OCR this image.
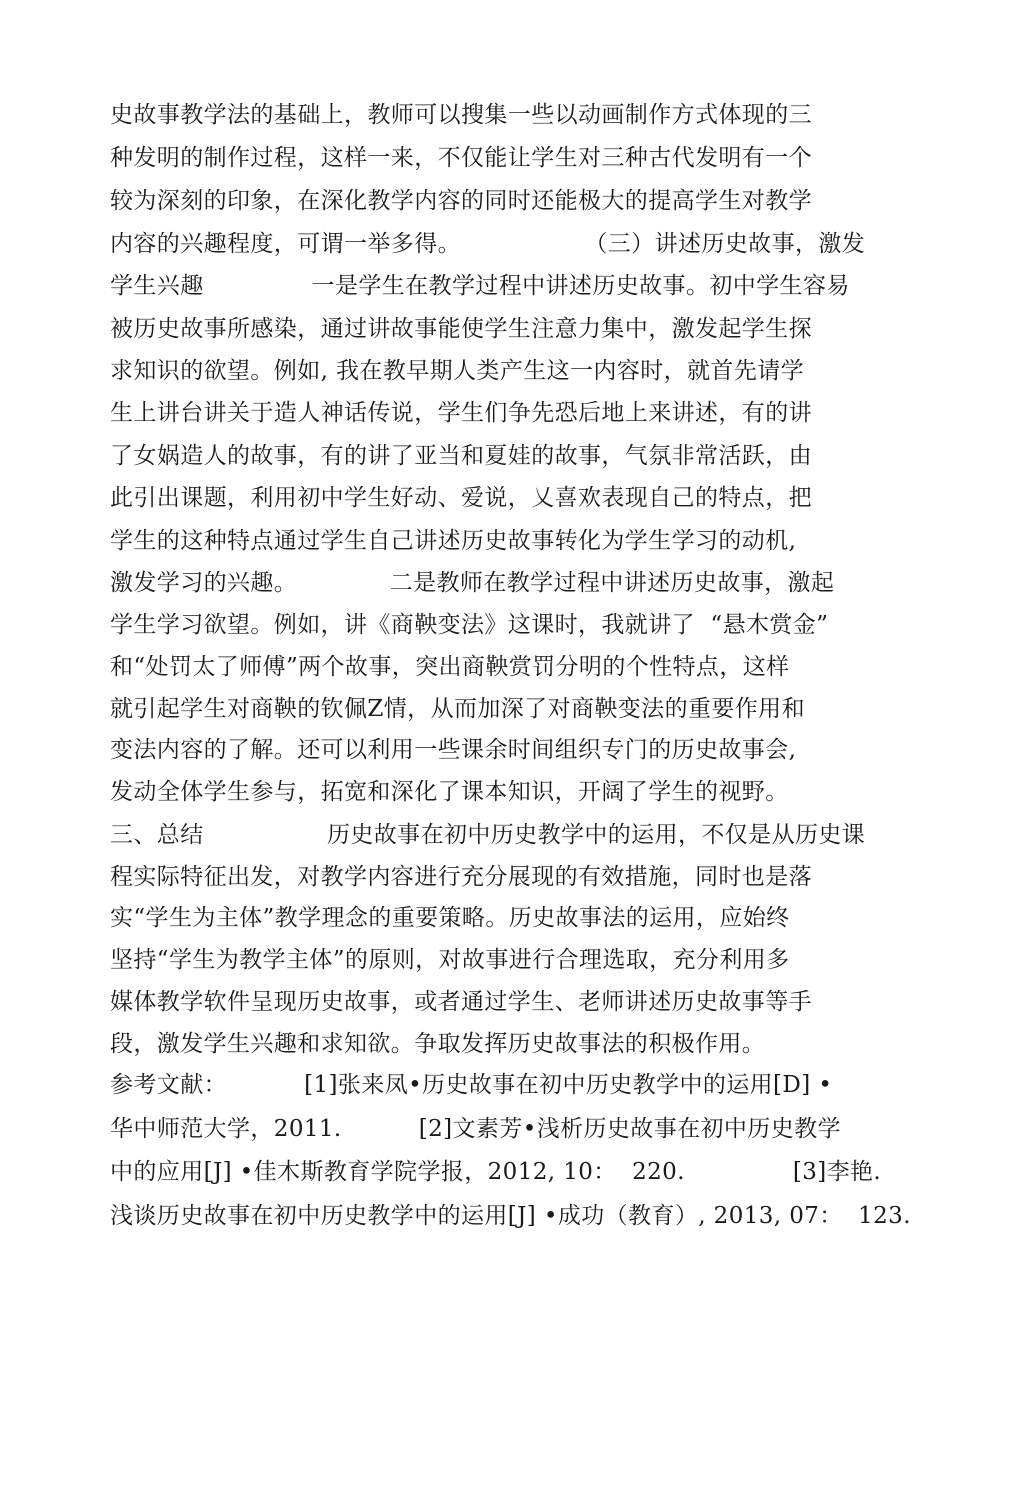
史故事教学法的基础上，教师可以搜集一些以动画制作方式体现的三
种发明的制作过程，这样一来，不仅能让学生对三种古代发明有一个
较为深刻的印象，在深化教学内容的同时还能极大的提高学生对教学
内容的兴趣程度，可谓一举多得。                （三）讲述历史故事，激发
学生兴趣              一是学生在教学过程中讲述历史故事。初中学生容易
被历史故事所感染，通过讲故事能使学生注意力集中，激发起学生探
求知识的欲望。例如, 我在教早期人类产生这一内容时，就首先请学
生上讲台讲关于造人神话传说，学生们争先恐后地上来讲述，有的讲
了女娲造人的故事，有的讲了亚当和夏娃的故事，气氛非常活跃，由
此引出课题，利用初中学生好动、爱说，乂喜欢表现自己的特点，把
学生的这种特点通过学生自己讲述历史故事转化为学生学习的动机,
激发学习的兴趣。            二是教师在教学过程中讲述历史故事，激起
学生学习欲望。例如，讲《商鞅变法》这课时，我就讲了  “悬木赏金”
和“处罚太了师傅”两个故事，突出商鞅赏罚分明的个性特点，这样
就引起学生对商鞅的钦佩Z情，从而加深了对商鞅变法的重要作用和
变法内容的了解。还可以利用一些课余时间组织专门的历史故事会,
发动全体学生参与，拓宽和深化了课本知识，开阔了学生的视野。
三、总结                历史故事在初中历史教学中的运用，不仅是从历史课
程实际特征出发，对教学内容进行充分展现的有效措施，同时也是落
实“学生为主体”教学理念的重要策略。历史故事法的运用，应始终
坚持“学生为教学主体”的原则，对故事进行合理选取，充分利用多
媒体教学软件呈现历史故事，或者通过学生、老师讲述历史故事等手
段，激发学生兴趣和求知欲。争取发挥历史故事法的积极作用。
参考文献：          [1]张来凤•历史故事在初中历史教学中的运用[D] •
华中师范大学，2011.          [2]文素芳•浅析历史故事在初中历史教学
中的应用[J] •佳木斯教育学院学报，2012, 10：  220.              [3]李艳.
浅谈历史故事在初中历史教学中的运用[J] •成功（教育）, 2013, 07：  123.
